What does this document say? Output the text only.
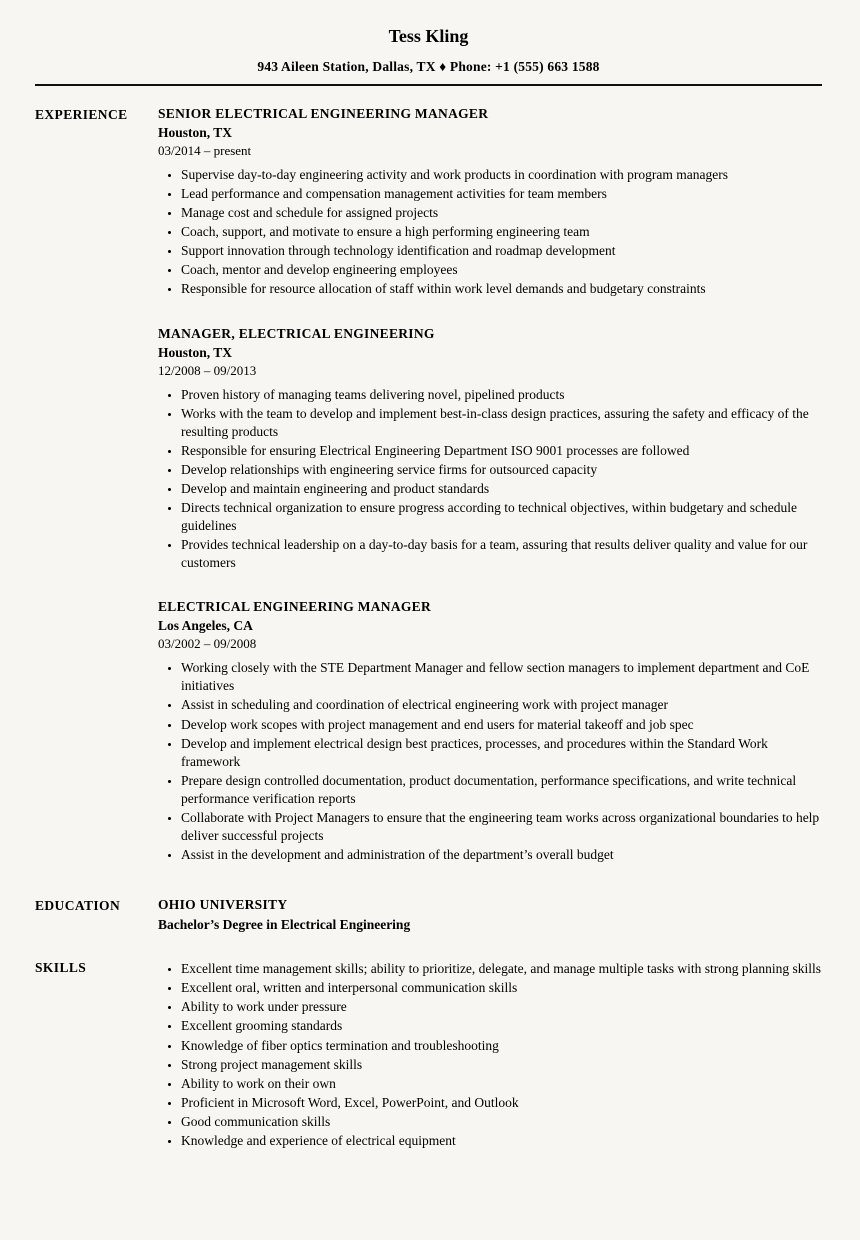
Tess Kling
943 Aileen Station, Dallas, TX ♦ Phone: +1 (555) 663 1588
EXPERIENCE	SENIOR ELECTRICAL ENGINEERING MANAGER
Houston, TX
03/2014 – present
• Supervise day-to-day engineering activity and work products in coordination with program managers
• Lead performance and compensation management activities for team members
• Manage cost and schedule for assigned projects
• Coach, support, and motivate to ensure a high performing engineering team
• Support innovation through technology identification and roadmap development
• Coach, mentor and develop engineering employees
• Responsible for resource allocation of staff within work level demands and budgetary constraints
MANAGER, ELECTRICAL ENGINEERING
Houston, TX
12/2008 – 09/2013
• Proven history of managing teams delivering novel, pipelined products
• Works with the team to develop and implement best-in-class design practices, assuring the safety and efficacy of the resulting products
• Responsible for ensuring Electrical Engineering Department ISO 9001 processes are followed
• Develop relationships with engineering service firms for outsourced capacity
• Develop and maintain engineering and product standards
• Directs technical organization to ensure progress according to technical objectives, within budgetary and schedule guidelines
• Provides technical leadership on a day-to-day basis for a team, assuring that results deliver quality and value for our customers
ELECTRICAL ENGINEERING MANAGER
Los Angeles, CA
03/2002 – 09/2008
• Working closely with the STE Department Manager and fellow section managers to implement department and CoE initiatives
• Assist in scheduling and coordination of electrical engineering work with project manager
• Develop work scopes with project management and end users for material takeoff and job spec
• Develop and implement electrical design best practices, processes, and procedures within the Standard Work framework
• Prepare design controlled documentation, product documentation, performance specifications, and write technical performance verification reports
• Collaborate with Project Managers to ensure that the engineering team works across organizational boundaries to help deliver successful projects
• Assist in the development and administration of the department’s overall budget
EDUCATION	OHIO UNIVERSITY
Bachelor’s Degree in Electrical Engineering
SKILLS	• Excellent time management skills; ability to prioritize, delegate, and manage multiple tasks with strong planning skills
• Excellent oral, written and interpersonal communication skills
• Ability to work under pressure
• Excellent grooming standards
• Knowledge of fiber optics termination and troubleshooting
• Strong project management skills
• Ability to work on their own
• Proficient in Microsoft Word, Excel, PowerPoint, and Outlook
• Good communication skills
• Knowledge and experience of electrical equipment
